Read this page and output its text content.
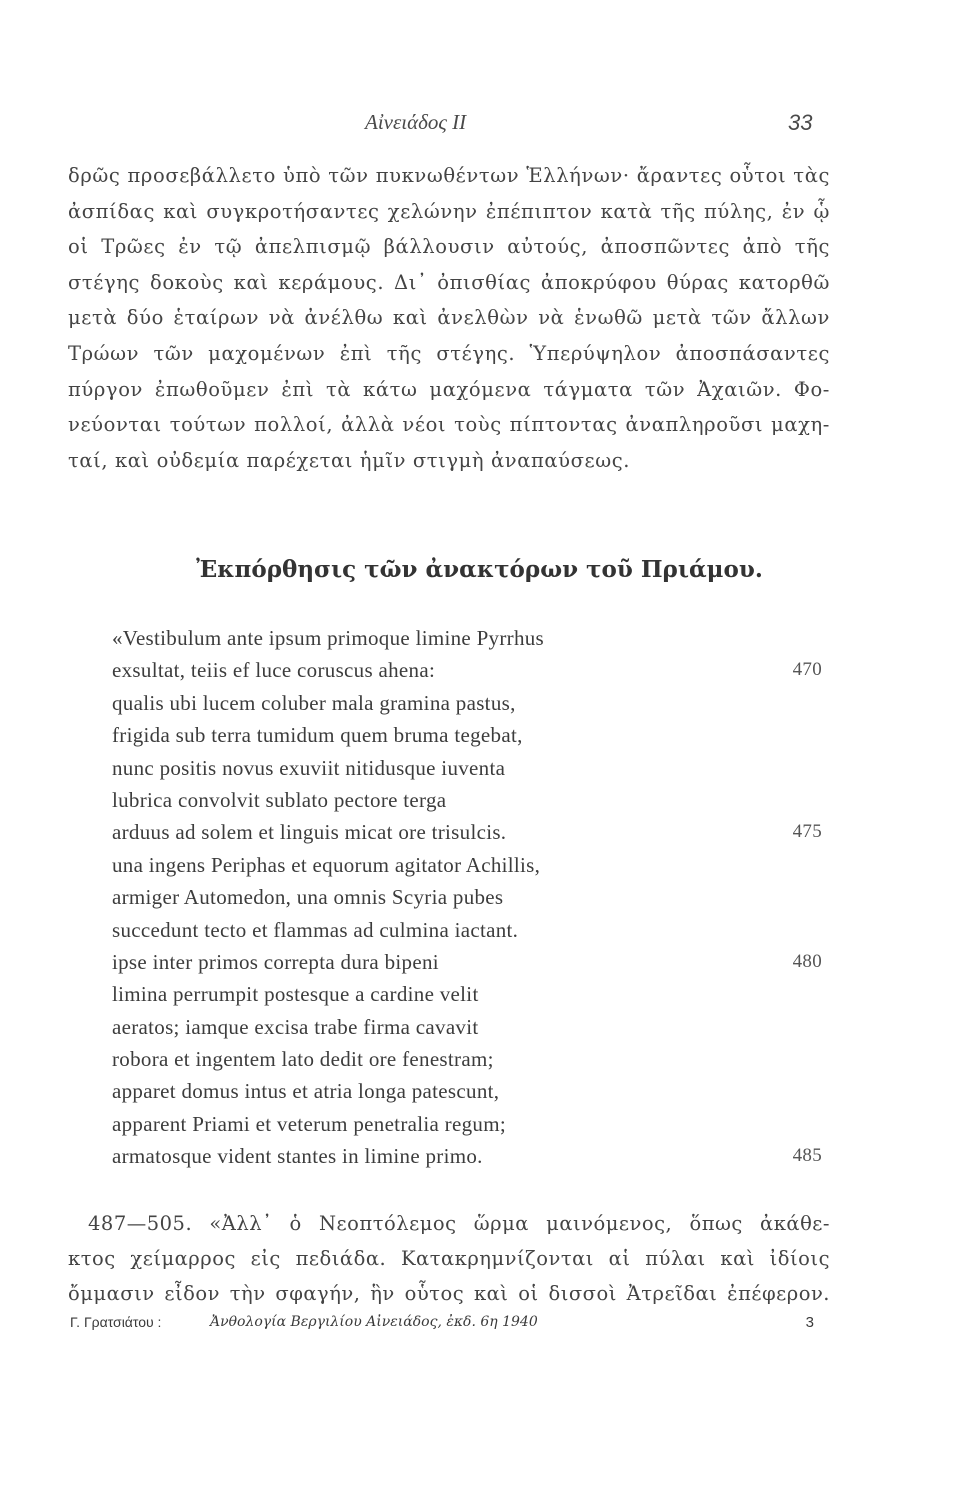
Αἰνειάδος ΙΙ	33
δρῶς προσεβάλλετο ὑπὸ τῶν πυκνωθέντων Ἑλλήνων· ἄραντες οὗτοι τὰς
ἀσπίδας καὶ συγκροτήσαντες χελώνην ἐπέπιπτον κατὰ τῆς πύλης, ἐν ᾧ
οἱ Τρῶες ἐν τῷ ἀπελπισμῷ βάλλουσιν αὐτούς, ἀποσπῶντες ἀπὸ τῆς
στέγης δοκοὺς καὶ κεράμους. Δι᾽ ὀπισθίας ἀποκρύφου θύρας κατορθῶ
μετὰ δύο ἑταίρων νὰ ἀνέλθω καὶ ἀνελθὼν νὰ ἑνωθῶ μετὰ τῶν ἄλλων
Τρώων τῶν μαχομένων ἐπὶ τῆς στέγης. Ὑπερύψηλον ἀποσπάσαντες
πύργον ἐπωθοῦμεν ἐπὶ τὰ κάτω μαχόμενα τάγματα τῶν Ἀχαιῶν. Φο-
νεύονται τούτων πολλοί, ἀλλὰ νέοι τοὺς πίπτοντας ἀναπληροῦσι μαχη-
ταί, καὶ οὐδεμία παρέχεται ἡμῖν στιγμὴ ἀναπαύσεως.
Ἐκπόρθησις τῶν ἀνακτόρων τοῦ Πριάμου.
«Vestibulum ante ipsum primoque limine Pyrrhus
exsultat, teiis ef luce coruscus ahena:	470
qualis ubi lucem coluber mala gramina pastus,
frigida sub terra tumidum quem bruma tegebat,
nunc positis novus exuviit nitidusque iuventa
lubrica convolvit sublato pectore terga
arduus ad solem et linguis micat ore trisulcis.	475
una ingens Periphas et equorum agitator Achillis,
armiger Automedon, una omnis Scyria pubes
succedunt tecto et flammas ad culmina iactant.
ipse inter primos correpta dura bipeni	480
limina perrumpit postesque a cardine velit
aeratos; iamque excisa trabe firma cavavit
robora et ingentem lato dedit ore fenestram;
apparet domus intus et atria longa patescunt,
apparent Priami et veterum penetralia regum;
armatosque vident stantes in limine primo.	485
487—505. «Ἀλλ᾽ ὁ Νεοπτόλεμος ὥρμα μαινόμενος, ὅπως ἀκάθε-
κτος χείμαρρος εἰς πεδιάδα. Κατακρημνίζονται αἱ πύλαι καὶ ἰδίοις
ὄμμασιν εἶδον τὴν σφαγήν, ἣν οὗτος καὶ οἱ δισσοὶ Ἀτρεῖδαι ἐπέφερον.
Γ. Γρατσιάτου :	Ἀνθολογία Βεργιλίου Αἰνειάδος, ἐκδ. 6η 1940	3
